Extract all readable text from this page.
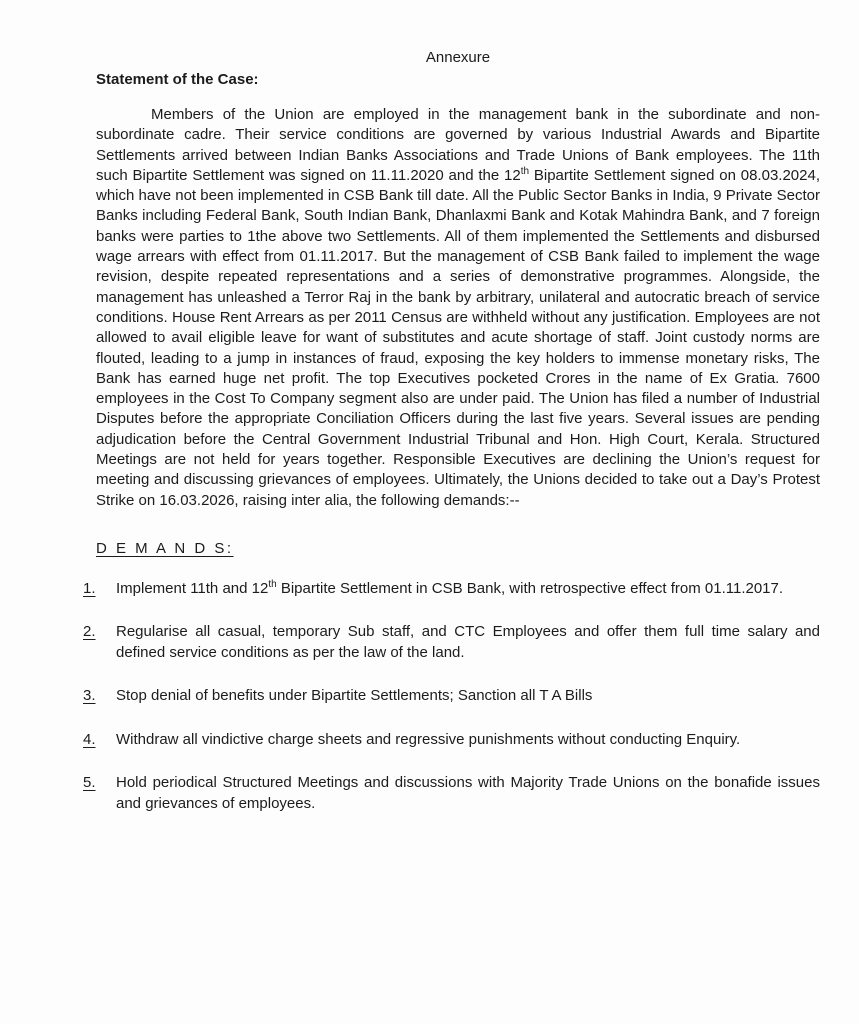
Annexure
Statement of the Case:

Members of the Union are employed in the management bank in the subordinate and non-subordinate cadre. Their service conditions are governed by various Industrial Awards and Bipartite Settlements arrived between Indian Banks Associations and Trade Unions of Bank employees. The 11th such Bipartite Settlement was signed on 11.11.2020 and the 12th Bipartite Settlement signed on 08.03.2024, which have not been implemented in CSB Bank till date. All the Public Sector Banks in India, 9 Private Sector Banks including Federal Bank, South Indian Bank, Dhanlaxmi Bank and Kotak Mahindra Bank, and 7 foreign banks were parties to 1the above two Settlements. All of them implemented the Settlements and disbursed wage arrears with effect from 01.11.2017. But the management of CSB Bank failed to implement the wage revision, despite repeated representations and a series of demonstrative programmes. Alongside, the management has unleashed a Terror Raj in the bank by arbitrary, unilateral and autocratic breach of service conditions. House Rent Arrears as per 2011 Census are withheld without any justification. Employees are not allowed to avail eligible leave for want of substitutes and acute shortage of staff. Joint custody norms are flouted, leading to a jump in instances of fraud, exposing the key holders to immense monetary risks, The Bank has earned huge net profit. The top Executives pocketed Crores in the name of Ex Gratia. 7600 employees in the Cost To Company segment also are under paid. The Union has filed a number of Industrial Disputes before the appropriate Conciliation Officers during the last five years. Several issues are pending adjudication before the Central Government Industrial Tribunal and Hon. High Court, Kerala. Structured Meetings are not held for years together. Responsible Executives are declining the Union’s request for meeting and discussing grievances of employees. Ultimately, the Unions decided to take out a Day’s Protest Strike on 16.03.2026, raising inter alia, the following demands:--

D E M A N D S:
1.	Implement 11th and 12th Bipartite Settlement in CSB Bank, with retrospective effect from 01.11.2017.
2.	Regularise all casual, temporary Sub staff, and CTC Employees and offer them full time salary and defined service conditions as per the law of the land.
3.	Stop denial of benefits under Bipartite Settlements; Sanction all T A Bills
4.	Withdraw all vindictive charge sheets and regressive punishments without conducting Enquiry.
5.	Hold periodical Structured Meetings and discussions with Majority Trade Unions on the bonafide issues and grievances of employees.
